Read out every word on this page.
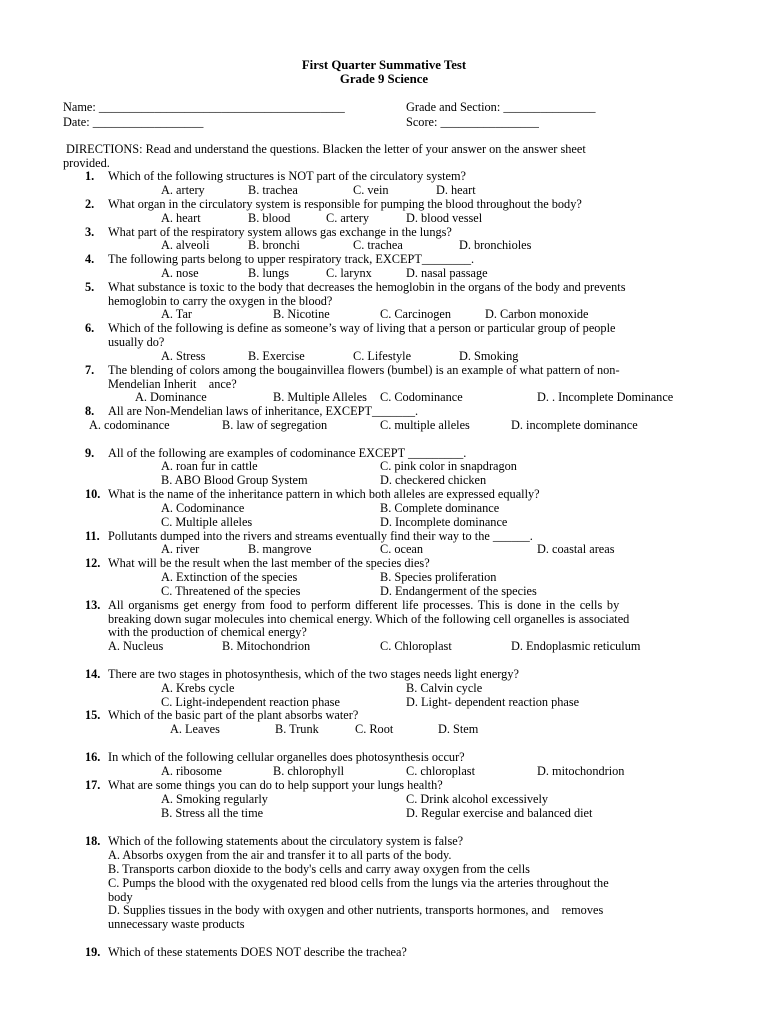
First Quarter Summative Test
Grade 9 Science
Name: ________________________________________	Grade and Section: _______________
Date: __________________	Score: ________________
DIRECTIONS: Read and understand the questions. Blacken the letter of your answer on the answer sheet
provided.
1. Which of the following structures is NOT part of the circulatory system?
A. artery	B. trachea	C. vein	D. heart
2. What organ in the circulatory system is responsible for pumping the blood throughout the body?
A. heart	B. blood	C. artery	D. blood vessel
3. What part of the respiratory system allows gas exchange in the lungs?
A. alveoli	B. bronchi	C. trachea	D. bronchioles
4. The following parts belong to upper respiratory track, EXCEPT________.
A. nose	B. lungs	C. larynx	D. nasal passage
5. What substance is toxic to the body that decreases the hemoglobin in the organs of the body and prevents
hemoglobin to carry the oxygen in the blood?
A. Tar	B. Nicotine	C. Carcinogen	D. Carbon monoxide
6. Which of the following is define as someone’s way of living that a person or particular group of people
usually do?
A. Stress	B. Exercise	C. Lifestyle	D. Smoking
7. The blending of colors among the bougainvillea flowers (bumbel) is an example of what pattern of non-
Mendelian Inherit    ance?
A. Dominance	B. Multiple Alleles C. Codominance	D. . Incomplete Dominance
8. All are Non-Mendelian laws of inheritance, EXCEPT_______.
A. codominance	B. law of segregation	C. multiple alleles	D. incomplete dominance
9. All of the following are examples of codominance EXCEPT _________.
A. roan fur in cattle	C. pink color in snapdragon
B. ABO Blood Group System	D. checkered chicken
10. What is the name of the inheritance pattern in which both alleles are expressed equally?
A. Codominance	B. Complete dominance
C. Multiple alleles	D. Incomplete dominance
11. Pollutants dumped into the rivers and streams eventually find their way to the ______.
A. river	B. mangrove	C. ocean	D. coastal areas
12. What will be the result when the last member of the species dies?
A. Extinction of the species	B. Species proliferation
C. Threatened of the species	D. Endangerment of the species
13. All organisms get energy from food to perform different life processes. This is done in the cells by
breaking down sugar molecules into chemical energy. Which of the following cell organelles is associated
with the production of chemical energy?
A. Nucleus	B. Mitochondrion	C. Chloroplast	D. Endoplasmic reticulum
14. There are two stages in photosynthesis, which of the two stages needs light energy?
A. Krebs cycle	B. Calvin cycle
C. Light-independent reaction phase	D. Light- dependent reaction phase
15. Which of the basic part of the plant absorbs water?
A. Leaves	B. Trunk	C. Root	D. Stem
16. In which of the following cellular organelles does photosynthesis occur?
A. ribosome	B. chlorophyll	C. chloroplast	D. mitochondrion
17. What are some things you can do to help support your lungs health?
A. Smoking regularly	C. Drink alcohol excessively
B. Stress all the time	D. Regular exercise and balanced diet
18. Which of the following statements about the circulatory system is false?
A. Absorbs oxygen from the air and transfer it to all parts of the body.
B. Transports carbon dioxide to the body's cells and carry away oxygen from the cells
C. Pumps the blood with the oxygenated red blood cells from the lungs via the arteries throughout the
body
D. Supplies tissues in the body with oxygen and other nutrients, transports hormones, and    removes
unnecessary waste products
19. Which of these statements DOES NOT describe the trachea?
